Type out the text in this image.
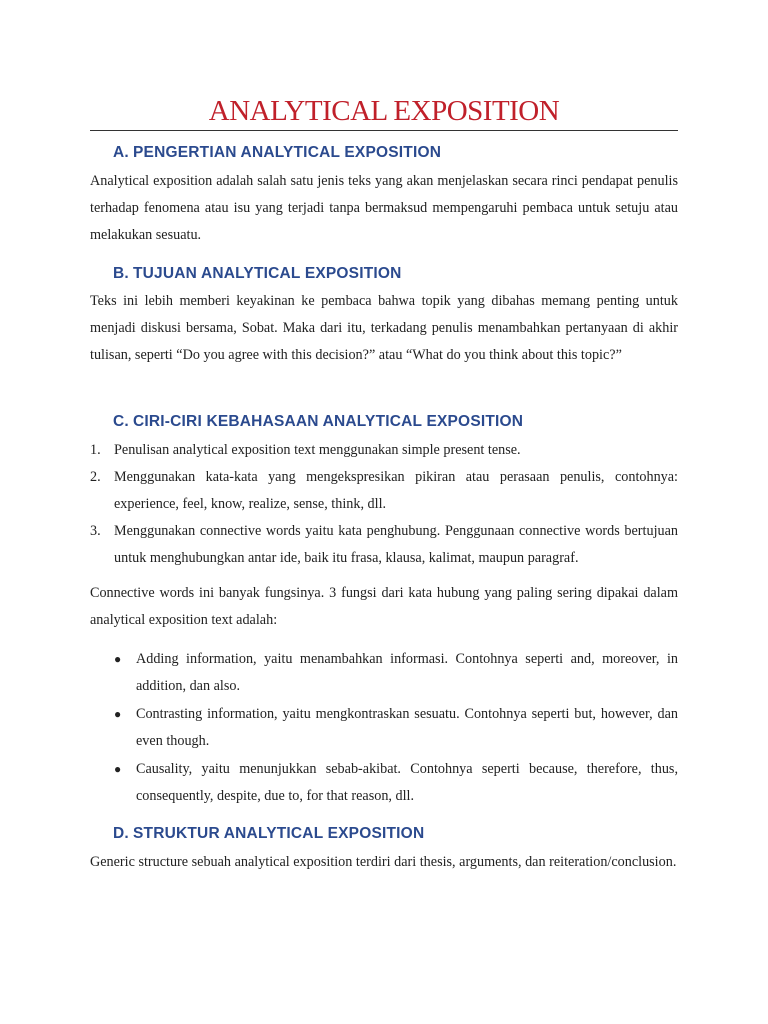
ANALYTICAL EXPOSITION
A. PENGERTIAN ANALYTICAL EXPOSITION
Analytical exposition adalah salah satu jenis teks yang akan menjelaskan secara rinci pendapat penulis terhadap fenomena atau isu yang terjadi tanpa bermaksud mempengaruhi pembaca untuk setuju atau melakukan sesuatu.
B. TUJUAN ANALYTICAL EXPOSITION
Teks ini lebih memberi keyakinan ke pembaca bahwa topik yang dibahas memang penting untuk menjadi diskusi bersama, Sobat. Maka dari itu, terkadang penulis menambahkan pertanyaan di akhir tulisan, seperti “Do you agree with this decision?” atau “What do you think about this topic?”
C. CIRI-CIRI KEBAHASAAN ANALYTICAL EXPOSITION
1. Penulisan analytical exposition text menggunakan simple present tense.
2. Menggunakan kata-kata yang mengekspresikan pikiran atau perasaan penulis, contohnya: experience, feel, know, realize, sense, think, dll.
3. Menggunakan connective words yaitu kata penghubung. Penggunaan connective words bertujuan untuk menghubungkan antar ide, baik itu frasa, klausa, kalimat, maupun paragraf.
Connective words ini banyak fungsinya. 3 fungsi dari kata hubung yang paling sering dipakai dalam analytical exposition text adalah:
● Adding information, yaitu menambahkan informasi. Contohnya seperti and, moreover, in addition, dan also.
● Contrasting information, yaitu mengkontraskan sesuatu. Contohnya seperti but, however, dan even though.
● Causality, yaitu menunjukkan sebab-akibat. Contohnya seperti because, therefore, thus, consequently, despite, due to, for that reason, dll.
D. STRUKTUR ANALYTICAL EXPOSITION
Generic structure sebuah analytical exposition terdiri dari thesis, arguments, dan reiteration/conclusion.
